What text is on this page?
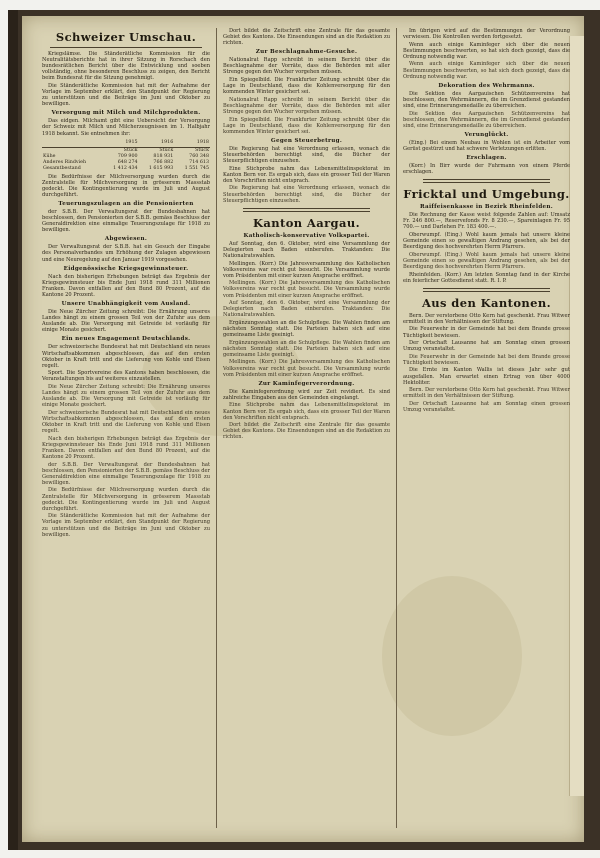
Schweizer Umschau.

Kriegslämse. Die Ständerätliche Kommission für die Neutralitätsberichte hat in ihrer Sitzung in Rorschach den bundesrätlichen Bericht über die Entwicklung und soeben vollständig, ohne besonderen Beschluss zu zeigen, den Bericht beim Bundesrat für die Sitzung genehmigt.

Die Ständerätliche Kommission hat mit der Aufnahme der Vorlage im September erklärt, den Standpunkt der Regierung zu unterstützen und die Beiträge im Juni und Oktober zu bewilligen.

Versorgung mit Milch und Milchprodukten.

Das eidgen. Milchamt gibt eine Uebersicht der Versorgung der Schweiz mit Milch und Milcherzeugnissen im 1. Halbjahr 1918 bekannt. Sie entnehmen ihr:

	1915	1916	1918
	Stück	Stück	Stück
Kühe	709 900	818 931	760 348
Anderes Rindvieh	648 274	766 882	714 613
Gesamtbestand	1 412 434	1 615 993	1 551 745

Die Bedürfnisse der Milchversorgung wurden durch die Zentralstelle für Milchversorgung in grösserem Massstab gedeckt. Die Kontingentierung wurde im Juli und August durchgeführt.

Teuerungszulagen an die Pensionierten

der S.B.B. Der Verwaltungsrat der Bundesbahnen hat beschlossen, den Pensionierten der S.B.B. gemäss Beschluss der Generaldirektion eine einmalige Teuerungszulage für 1918 zu bewilligen.

Abgewiesen.

Der Verwaltungsrat der S.B.B. hat ein Gesuch der Eingabe des Personalverbandes um Erhöhung der Zulagen abgewiesen und eine Neuregelung auf den Januar 1919 vorgesehen.

Eidgenössische Kriegsgewinnsteuer.

Nach den bisherigen Erhebungen beträgt das Ergebnis der Kriegsgewinnsteuer bis Ende Juni 1918 rund 311 Millionen Franken. Davon entfallen auf den Bund 80 Prozent, auf die Kantone 20 Prozent.

Unsere Unabhängigkeit vom Ausland.

Die Neue Zürcher Zeitung schreibt: Die Ernährung unseres Landes hängt zu einem grossen Teil von der Zufuhr aus dem Auslande ab. Die Versorgung mit Getreide ist vorläufig für einige Monate gesichert.

Ein neues Engagement Deutschlands.

Der schweizerische Bundesrat hat mit Deutschland ein neues Wirtschaftsabkommen abgeschlossen, das auf den ersten Oktober in Kraft tritt und die Lieferung von Kohle und Eisen regelt.

Sport. Die Sportvereine des Kantons haben beschlossen, die Veranstaltungen bis auf weiteres einzustellen.

Die Neue Zürcher Zeitung schreibt: Die Ernährung unseres Landes hängt zu einem grossen Teil von der Zufuhr aus dem Auslande ab. Die Versorgung mit Getreide ist vorläufig für einige Monate gesichert.

Der schweizerische Bundesrat hat mit Deutschland ein neues Wirtschaftsabkommen abgeschlossen, das auf den ersten Oktober in Kraft tritt und die Lieferung von Kohle und Eisen regelt.

Nach den bisherigen Erhebungen beträgt das Ergebnis der Kriegsgewinnsteuer bis Ende Juni 1918 rund 311 Millionen Franken. Davon entfallen auf den Bund 80 Prozent, auf die Kantone 20 Prozent.

der S.B.B. Der Verwaltungsrat der Bundesbahnen hat beschlossen, den Pensionierten der S.B.B. gemäss Beschluss der Generaldirektion eine einmalige Teuerungszulage für 1918 zu bewilligen.

Die Bedürfnisse der Milchversorgung wurden durch die Zentralstelle für Milchversorgung in grösserem Massstab gedeckt. Die Kontingentierung wurde im Juli und August durchgeführt.

Die Ständerätliche Kommission hat mit der Aufnahme der Vorlage im September erklärt, den Standpunkt der Regierung zu unterstützen und die Beiträge im Juni und Oktober zu bewilligen.

Dort bildet die Zeitschrift eine Zentrale für das gesamte Gebiet des Kantons. Die Einsendungen sind an die Redaktion zu richten.

Zur Beschlagnahme-Gesuche.

Nationalrat Rapp schreibt in seinem Bericht über die Beschlagnahme der Vorräte, dass die Behörden mit aller Strenge gegen den Wucher vorgehen müssen.

Ein Spiegelbild. Die Frankfurter Zeitung schreibt über die Lage in Deutschland, dass die Kohlenversorgung für den kommenden Winter gesichert sei.

Nationalrat Rapp schreibt in seinem Bericht über die Beschlagnahme der Vorräte, dass die Behörden mit aller Strenge gegen den Wucher vorgehen müssen.

Ein Spiegelbild. Die Frankfurter Zeitung schreibt über die Lage in Deutschland, dass die Kohlenversorgung für den kommenden Winter gesichert sei.

Gegen Steuerbetrug.

Die Regierung hat eine Verordnung erlassen, wonach die Steuerbehörden berechtigt sind, die Bücher der Steuerpflichtigen einzusehen.

Eine Stichprobe nahm das Lebensmittelinspektorat im Kanton Bern vor. Es ergab sich, dass ein grosser Teil der Waren den Vorschriften nicht entsprach.

Die Regierung hat eine Verordnung erlassen, wonach die Steuerbehörden berechtigt sind, die Bücher der Steuerpflichtigen einzusehen.

Kanton Aargau.
Katholisch-konservative Volkspartei.

Auf Sonntag, den 6. Oktober, wird eine Versammlung der Delegierten nach Baden einberufen. Traktanden: Die Nationalratswahlen.

Mellingen. (Korr.) Die Jahresversammlung des Katholischen Volksvereins war recht gut besucht. Die Versammlung wurde vom Präsidenten mit einer kurzen Ansprache eröffnet.

Mellingen. (Korr.) Die Jahresversammlung des Katholischen Volksvereins war recht gut besucht. Die Versammlung wurde vom Präsidenten mit einer kurzen Ansprache eröffnet.

Auf Sonntag, den 6. Oktober, wird eine Versammlung der Delegierten nach Baden einberufen. Traktanden: Die Nationalratswahlen.

Ergänzungswahlen an die Schulpflege. Die Wahlen finden am nächsten Sonntag statt. Die Parteien haben sich auf eine gemeinsame Liste geeinigt.

Ergänzungswahlen an die Schulpflege. Die Wahlen finden am nächsten Sonntag statt. Die Parteien haben sich auf eine gemeinsame Liste geeinigt.

Mellingen. (Korr.) Die Jahresversammlung des Katholischen Volksvereins war recht gut besucht. Die Versammlung wurde vom Präsidenten mit einer kurzen Ansprache eröffnet.

Zur Kaminfegerverordnung.

Die Kaminfegerordnung wird zur Zeit revidiert. Es sind zahlreiche Eingaben aus den Gemeinden eingelangt.

Eine Stichprobe nahm das Lebensmittelinspektorat im Kanton Bern vor. Es ergab sich, dass ein grosser Teil der Waren den Vorschriften nicht entsprach.

Dort bildet die Zeitschrift eine Zentrale für das gesamte Gebiet des Kantons. Die Einsendungen sind an die Redaktion zu richten.

Im übrigen wird auf die Bestimmungen der Verordnung verwiesen. Die Kontrollen werden fortgesetzt.

Wenn auch einige Kaminfeger sich über die neuen Bestimmungen beschwerten, so hat sich doch gezeigt, dass die Ordnung notwendig war.

Wenn auch einige Kaminfeger sich über die neuen Bestimmungen beschwerten, so hat sich doch gezeigt, dass die Ordnung notwendig war.

Dekoration des Wehrmanns.

Die Sektion des Aargauischen Schützenvereins hat beschlossen, den Wehrmännern, die im Grenzdienst gestanden sind, eine Erinnerungsmedaille zu überreichen.

Die Sektion des Aargauischen Schützenvereins hat beschlossen, den Wehrmännern, die im Grenzdienst gestanden sind, eine Erinnerungsmedaille zu überreichen.

Verunglückt.

(Eing.) Bei einem Neubau in Wohlen ist ein Arbeiter vom Gerüst gestürzt und hat schwere Verletzungen erlitten.

Erschlagen.

(Korr.) In Birr wurde der Fuhrmann von einem Pferde erschlagen.

Fricktal und Umgebung.
Raiffeisenkasse in Bezirk Rheinfelden.

Die Rechnung der Kasse weist folgende Zahlen auf: Umsatz Fr. 246 800.—, Reservefonds Fr. 8 230.—, Spareinlagen Fr. 95 700.— und Darlehen Fr. 183 400.—.

Oberwumpf. (Eing.) Wohl kaum jemals hat unsere kleine Gemeinde einen so gewaltigen Andrang gesehen, als bei der Beerdigung des hochverehrten Herrn Pfarrers.

Oberwumpf. (Eing.) Wohl kaum jemals hat unsere kleine Gemeinde einen so gewaltigen Andrang gesehen, als bei der Beerdigung des hochverehrten Herrn Pfarrers.

Rheinfelden. (Korr.) Am letzten Sonntag fand in der Kirche ein feierlicher Gottesdienst statt. R. I. P.

Aus den Kantonen.

Bern. Der verstorbene Otto Kern hat geschenkt. Frau Witwer ermittelt in den Verhältnissen der Stiftung.

Die Feuerwehr in der Gemeinde hat bei dem Brande grosse Tüchtigkeit bewiesen.

Der Ortschaft Lausanne hat am Sonntag einen grossen Umzug veranstaltet.

Die Feuerwehr in der Gemeinde hat bei dem Brande grosse Tüchtigkeit bewiesen.

Die Ernte im Kanton Wallis ist dieses Jahr sehr gut ausgefallen. Man erwartet einen Ertrag von über 4000 Hektoliter.

Bern. Der verstorbene Otto Kern hat geschenkt. Frau Witwer ermittelt in den Verhältnissen der Stiftung.

Der Ortschaft Lausanne hat am Sonntag einen grossen Umzug veranstaltet.
